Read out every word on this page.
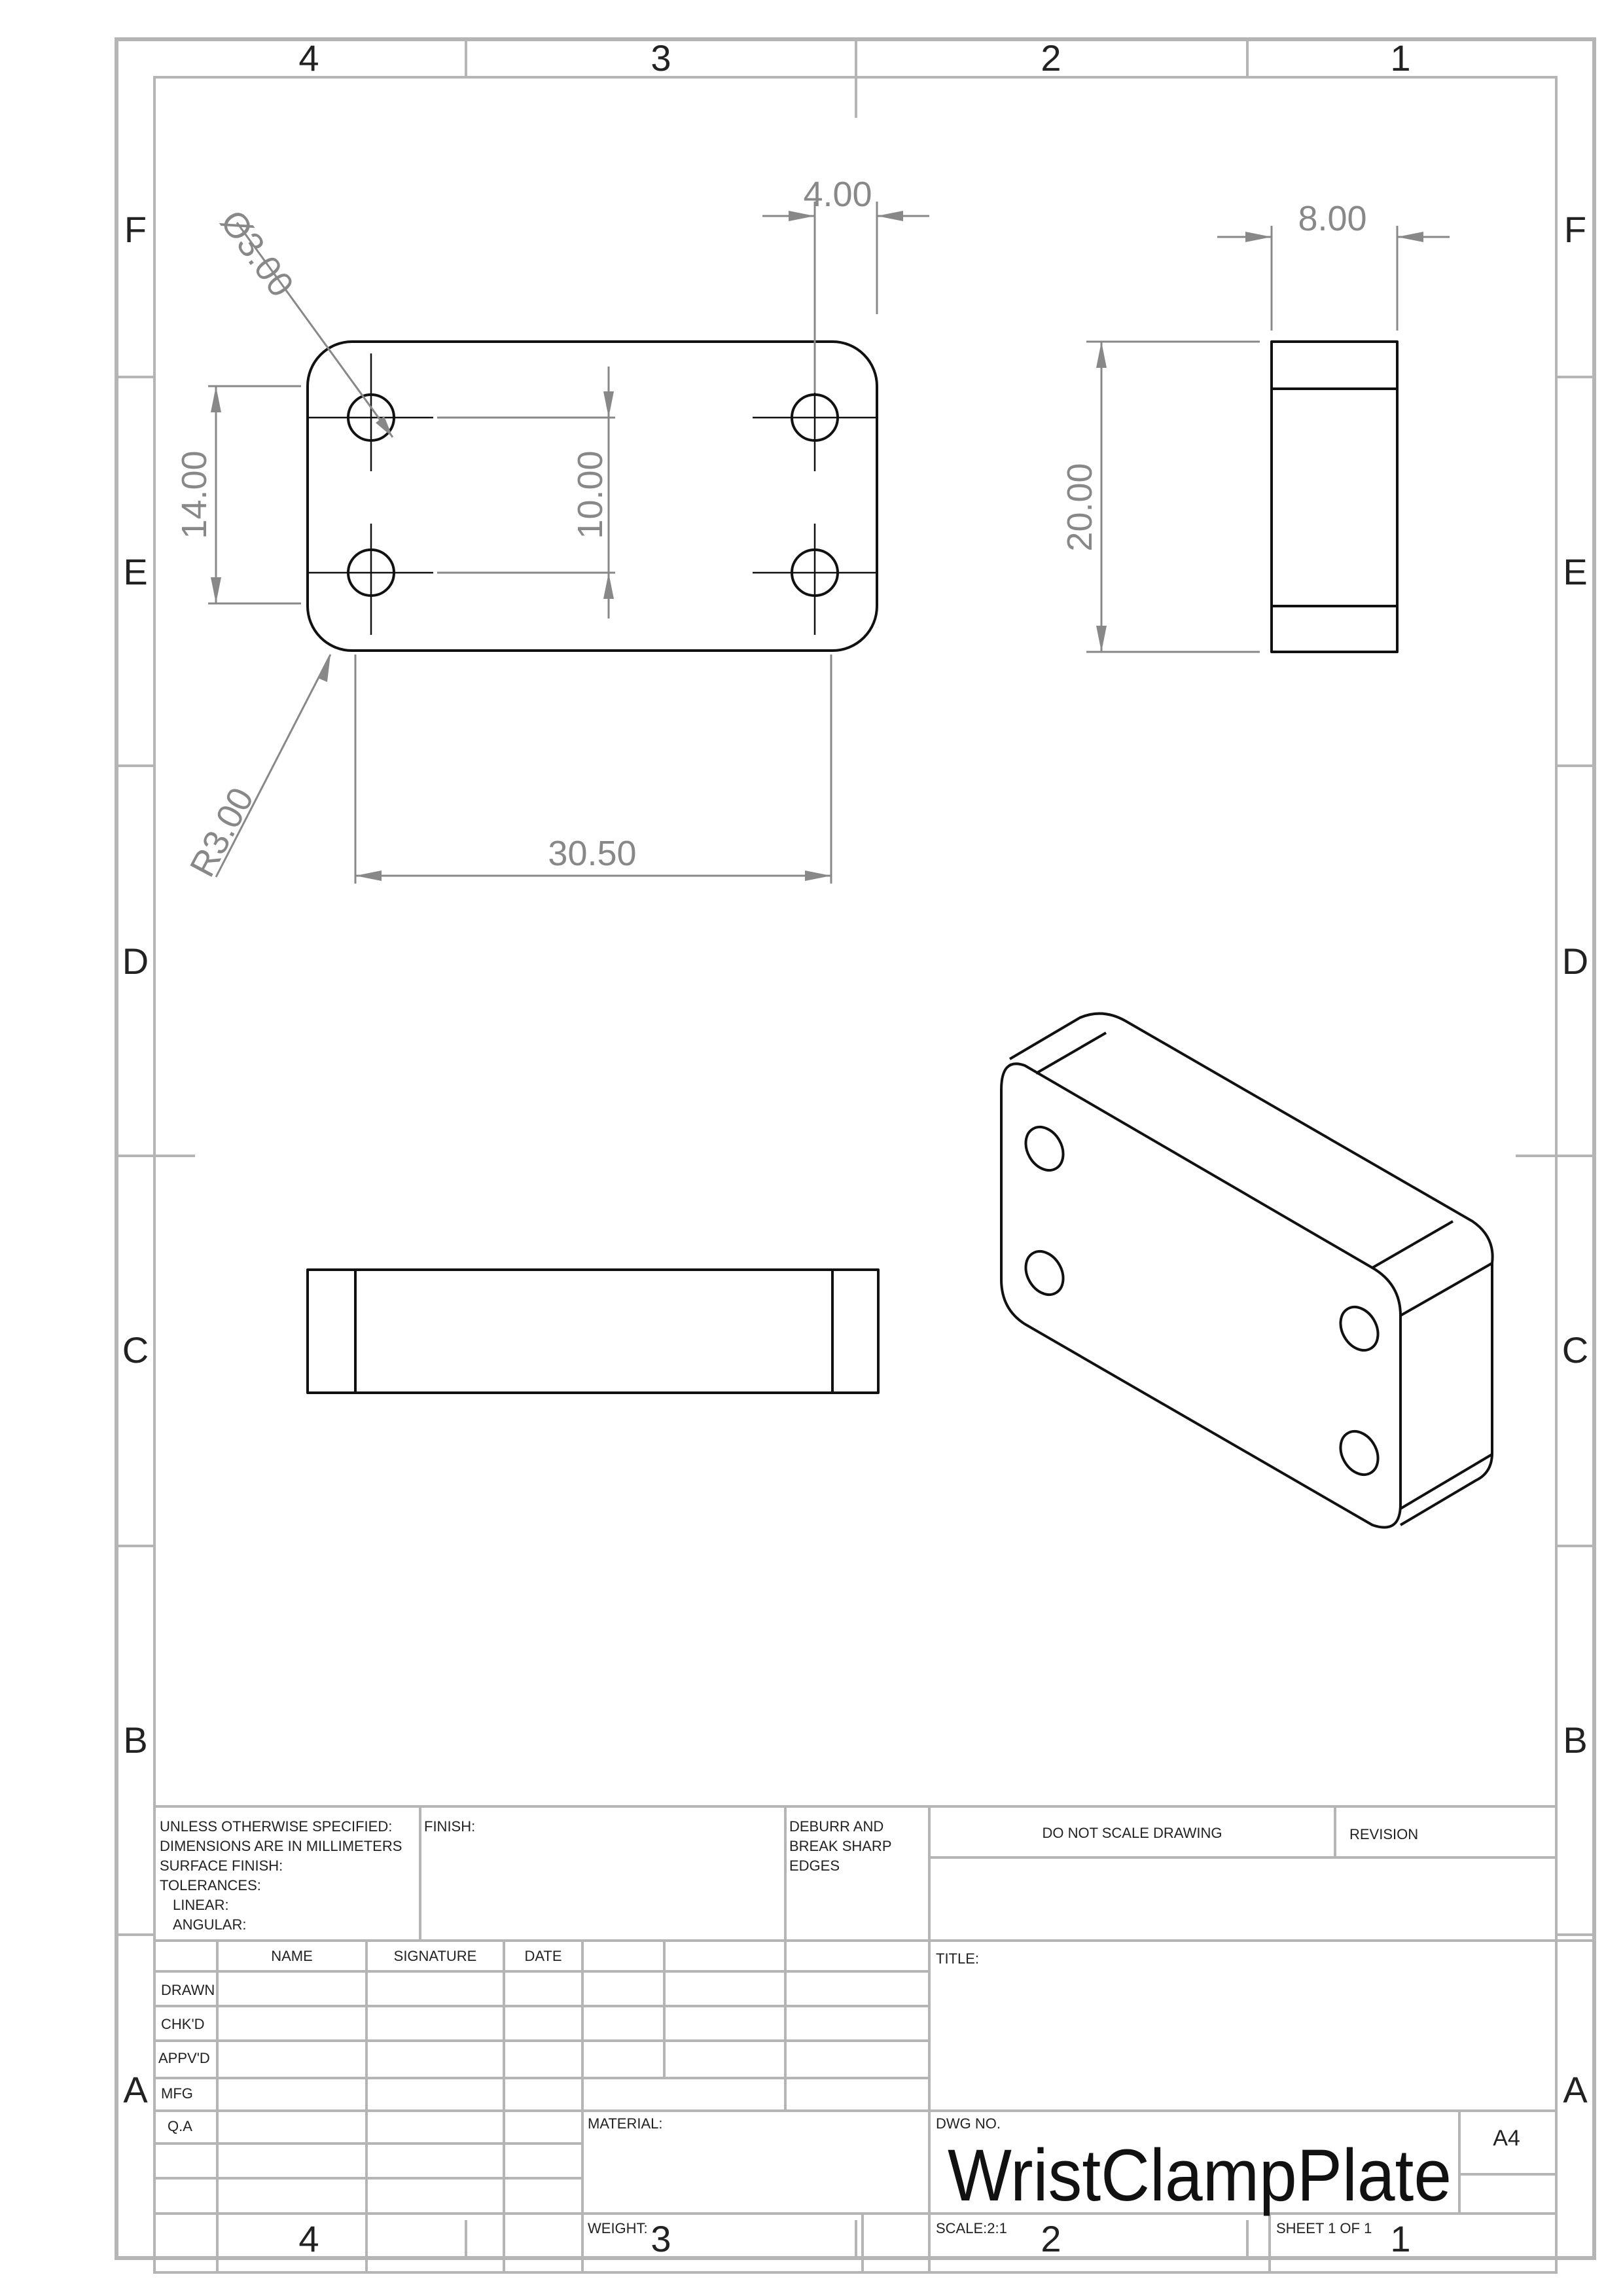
4	3	2	1
4	3	2	1
F
E
D
C
B
A
F
E
D
C
B
A
Ø3.00
4.00
14.00	10.00
R3.00	30.50
8.00
20.00
UNLESS OTHERWISE SPECIFIED:
DIMENSIONS ARE IN MILLIMETERS
SURFACE FINISH:
TOLERANCES:
LINEAR:
ANGULAR:
FINISH:	DEBURR AND
BREAK SHARP
EDGES
DO NOT SCALE DRAWING	REVISION
NAME	SIGNATURE	DATE
DRAWN
CHK'D
APPV'D
MFG
Q.A
TITLE:
MATERIAL:
WEIGHT:
DWG NO.
WristClampPlate A4
SCALE:2:1	SHEET 1 OF 1
